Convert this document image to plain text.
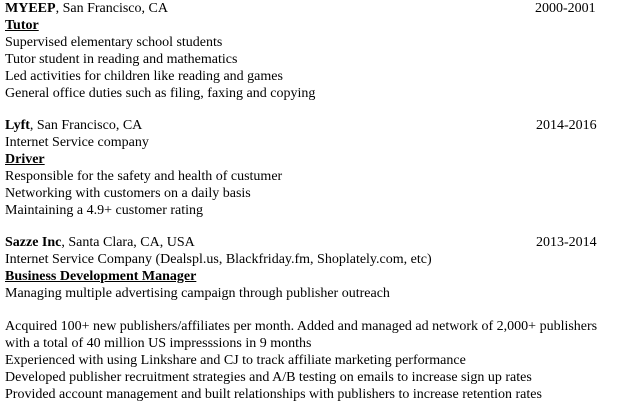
MYEEP, San Francisco, CA	2000-2001
Tutor
Supervised elementary school students
Tutor student in reading and mathematics
Led activities for children like reading and games
General office duties such as filing, faxing and copying
Lyft, San Francisco, CA	2014-2016
Internet Service company
Driver
Responsible for the safety and health of custumer
Networking with customers on a daily basis
Maintaining a 4.9+ customer rating
Sazze Inc, Santa Clara, CA, USA	2013-2014
Internet Service Company (Dealspl.us, Blackfriday.fm, Shoplately.com, etc)
Business Development Manager
Managing multiple advertising campaign through publisher outreach
Acquired 100+ new publishers/affiliates per month. Added and managed ad network of 2,000+ publishers
with a total of 40 million US impresssions in 9 months
Experienced with using Linkshare and CJ to track affiliate marketing performance
Developed publisher recruitment strategies and A/B testing on emails to increase sign up rates
Provided account management and built relationships with publishers to increase retention rates
